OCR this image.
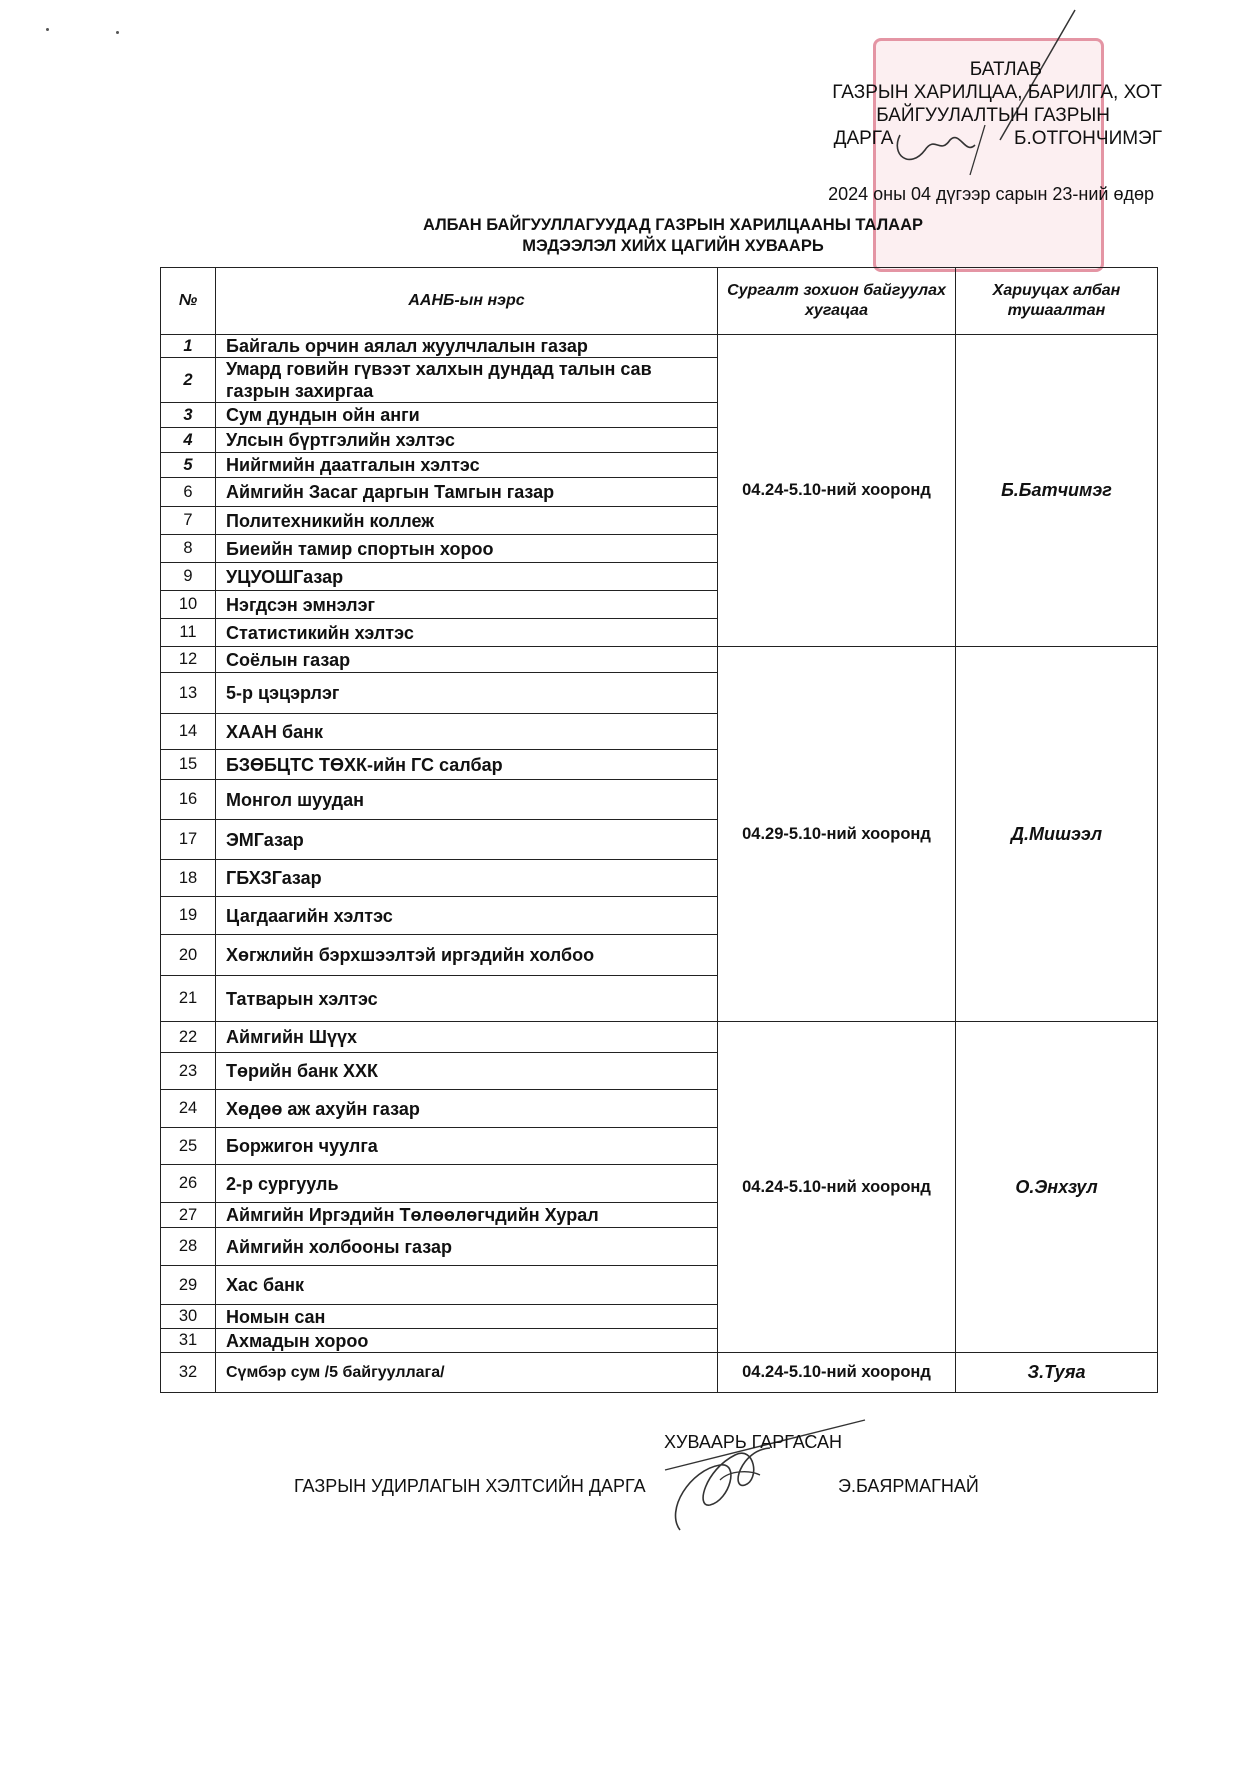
БАТЛАВ
ГАЗРЫН ХАРИЛЦАА, БАРИЛГА, ХОТ
БАЙГУУЛАЛТЫН ГАЗРЫН
ДАРГА	Б.ОТГОНЧИМЭГ
2024 оны 04 дүгээр сарын 23-ний өдөр
АЛБАН БАЙГУУЛЛАГУУДАД ГАЗРЫН ХАРИЛЦААНЫ ТАЛААР
МЭДЭЭЛЭЛ ХИЙХ ЦАГИЙН ХУВААРЬ
№	ААНБ-ын нэрс	Сургалт зохион байгуулах хугацаа	Хариуцах албан тушаалтан
1	Байгаль орчин аялал жуулчлалын газар	04.24-5.10-ний хооронд	Б.Батчимэг
2	Умард говийн гүвээт халхын дундад талын сав газрын захиргаа		
3	Сум дундын ойн анги		
4	Улсын бүртгэлийн хэлтэс		
5	Нийгмийн даатгалын хэлтэс		
6	Аймгийн Засаг даргын Тамгын газар		
7	Политехникийн коллеж		
8	Биеийн тамир спортын хороо		
9	УЦУОШГазар		
10	Нэгдсэн эмнэлэг		
11	Статистикийн хэлтэс		
12	Соёлын газар	04.29-5.10-ний хооронд	Д.Мишээл
13	5-р цэцэрлэг		
14	ХААН банк		
15	БЗӨБЦТС ТӨХК-ийн ГС салбар		
16	Монгол шуудан		
17	ЭМГазар		
18	ГБХЗГазар		
19	Цагдаагийн хэлтэс		
20	Хөгжлийн бэрхшээлтэй иргэдийн холбоо		
21	Татварын хэлтэс		
22	Аймгийн Шүүх	04.24-5.10-ний хооронд	О.Энхзул
23	Төрийн банк ХХК		
24	Хөдөө аж ахуйн газар		
25	Боржигон чуулга		
26	2-р сургууль		
27	Аймгийн Иргэдийн Төлөөлөгчдийн Хурал		
28	Аймгийн холбооны газар		
29	Хас банк		
30	Номын сан		
31	Ахмадын хороо		
32	Сүмбэр сум /5 байгууллага/	04.24-5.10-ний хооронд	З.Туяа
ХУВААРЬ ГАРГАСАН
ГАЗРЫН УДИРЛАГЫН ХЭЛТСИЙН ДАРГА	Э.БАЯРМАГНАЙ
